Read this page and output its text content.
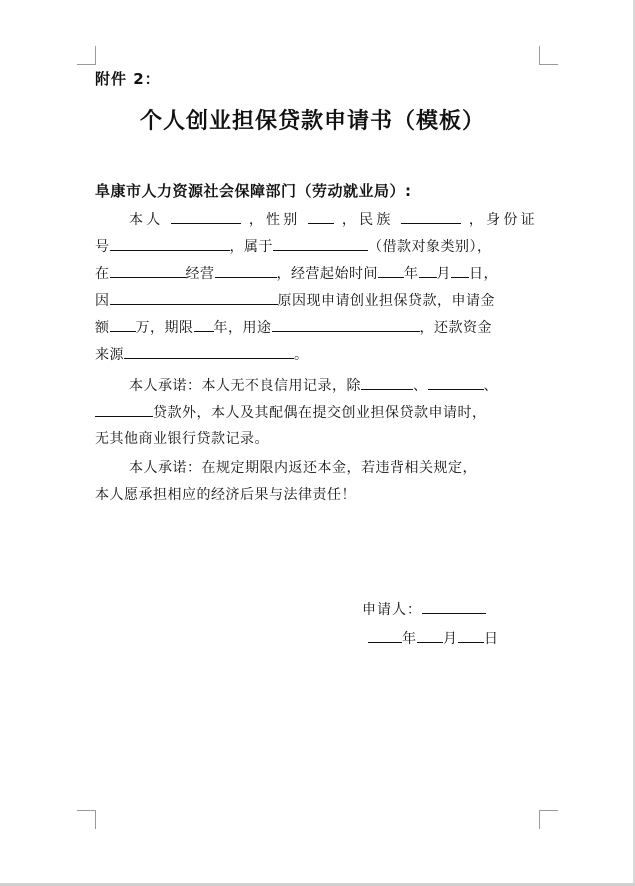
附件 2：
个人创业担保贷款申请书（模板）
阜康市人力资源社会保障部门（劳动就业局）:
本人	，性别	，民族	，身份证
号	，属于	（借款对象类别），
在	经营	，经营起始时间 年 月 日，
因	原因现申请创业担保贷款，申请金
额 万，期限 年，用途	，还款资金
来源	。
本人承诺：本人无不良信用记录，除	、	、
贷款外，本人及其配偶在提交创业担保贷款申请时，
无其他商业银行贷款记录。
本人承诺：在规定期限内返还本金，若违背相关规定，
本人愿承担相应的经济后果与法律责任！
申请人：
年 月 日
